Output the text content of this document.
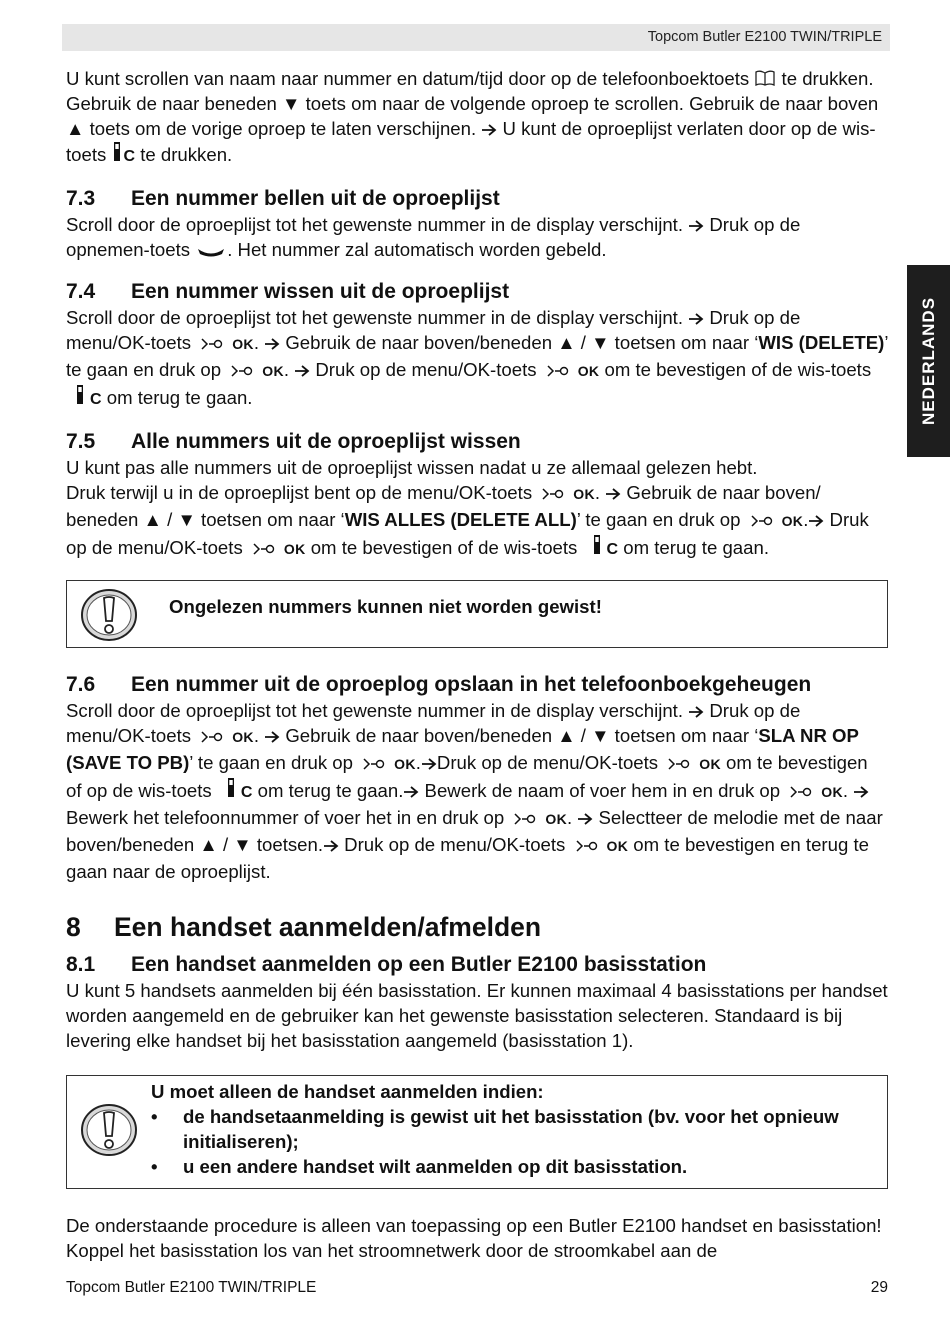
Topcom Butler E2100 TWIN/TRIPLE
NEDERLANDS

U kunt scrollen van naam naar nummer en datum/tijd door op de telefoonboektoets  te drukken. Gebruik de naar beneden ▼ toets om naar de volgende oproep te scrollen. Gebruik de naar boven ▲ toets om de vorige oproep te laten verschijnen.  U kunt de oproeplijst verlaten door op de wis-toets C te drukken.

7.3 Een nummer bellen uit de oproeplijst

Scroll door de oproeplijst tot het gewenste nummer in de display verschijnt.  Druk op de opnemen-toets . Het nummer zal automatisch worden gebeld.

7.4 Een nummer wissen uit de oproeplijst

Scroll door de oproeplijst tot het gewenste nummer in de display verschijnt.  Druk op de menu/OK-toets	OK.  Gebruik de naar boven/beneden ▲ / ▼ toetsen om naar ‘WIS (DELETE)’ te gaan en druk op	OK.  Druk op de menu/OK-toets	OK om te bevestigen of de wis-toets C om terug te gaan.

7.5 Alle nummers uit de oproeplijst wissen

U kunt pas alle nummers uit de oproeplijst wissen nadat u ze allemaal gelezen hebt.
Druk terwijl u in de oproeplijst bent op de menu/OK-toets	OK.  Gebruik de naar boven/ beneden ▲ / ▼ toetsen om naar ‘WIS ALLES (DELETE ALL)’ te gaan en druk op	OK. Druk op de menu/OK-toets	OK om te bevestigen of de wis-toets C om terug te gaan.

Ongelezen nummers kunnen niet worden gewist!
7.6 Een nummer uit de oproeplog opslaan in het telefoonboekgeheugen

Scroll door de oproeplijst tot het gewenste nummer in de display verschijnt.  Druk op de menu/OK-toets	OK.  Gebruik de naar boven/beneden ▲ / ▼ toetsen om naar ‘SLA NR OP (SAVE TO PB)’ te gaan en druk op	OK. Druk op de menu/OK-toets	OK om te bevestigen of op de wis-toets C om terug te gaan. Bewerk de naam of voer hem in en druk op	OK.  Bewerk het telefoonnummer of voer het in en druk op	OK.  Selectteer de melodie met de naar boven/beneden ▲ / ▼ toetsen. Druk op de menu/OK-toets	OK om te bevestigen en terug te gaan naar de oproeplijst.

8 Een handset aanmelden/afmelden
8.1 Een handset aanmelden op een Butler E2100 basisstation

U kunt 5 handsets aanmelden bij één basisstation. Er kunnen maximaal 4 basisstations per handset worden aangemeld en de gebruiker kan het gewenste basisstation selecteren. Standaard is bij levering elke handset bij het basisstation aangemeld (basisstation 1).

U moet alleen de handset aanmelden indien:
•	de handsetaanmelding is gewist uit het basisstation (bv. voor het opnieuw initialiseren);
•	u een andere handset wilt aanmelden op dit basisstation.

De onderstaande procedure is alleen van toepassing op een Butler E2100 handset en basisstation! Koppel het basisstation los van het stroomnetwerk door de stroomkabel aan de

Topcom Butler E2100 TWIN/TRIPLE	29
